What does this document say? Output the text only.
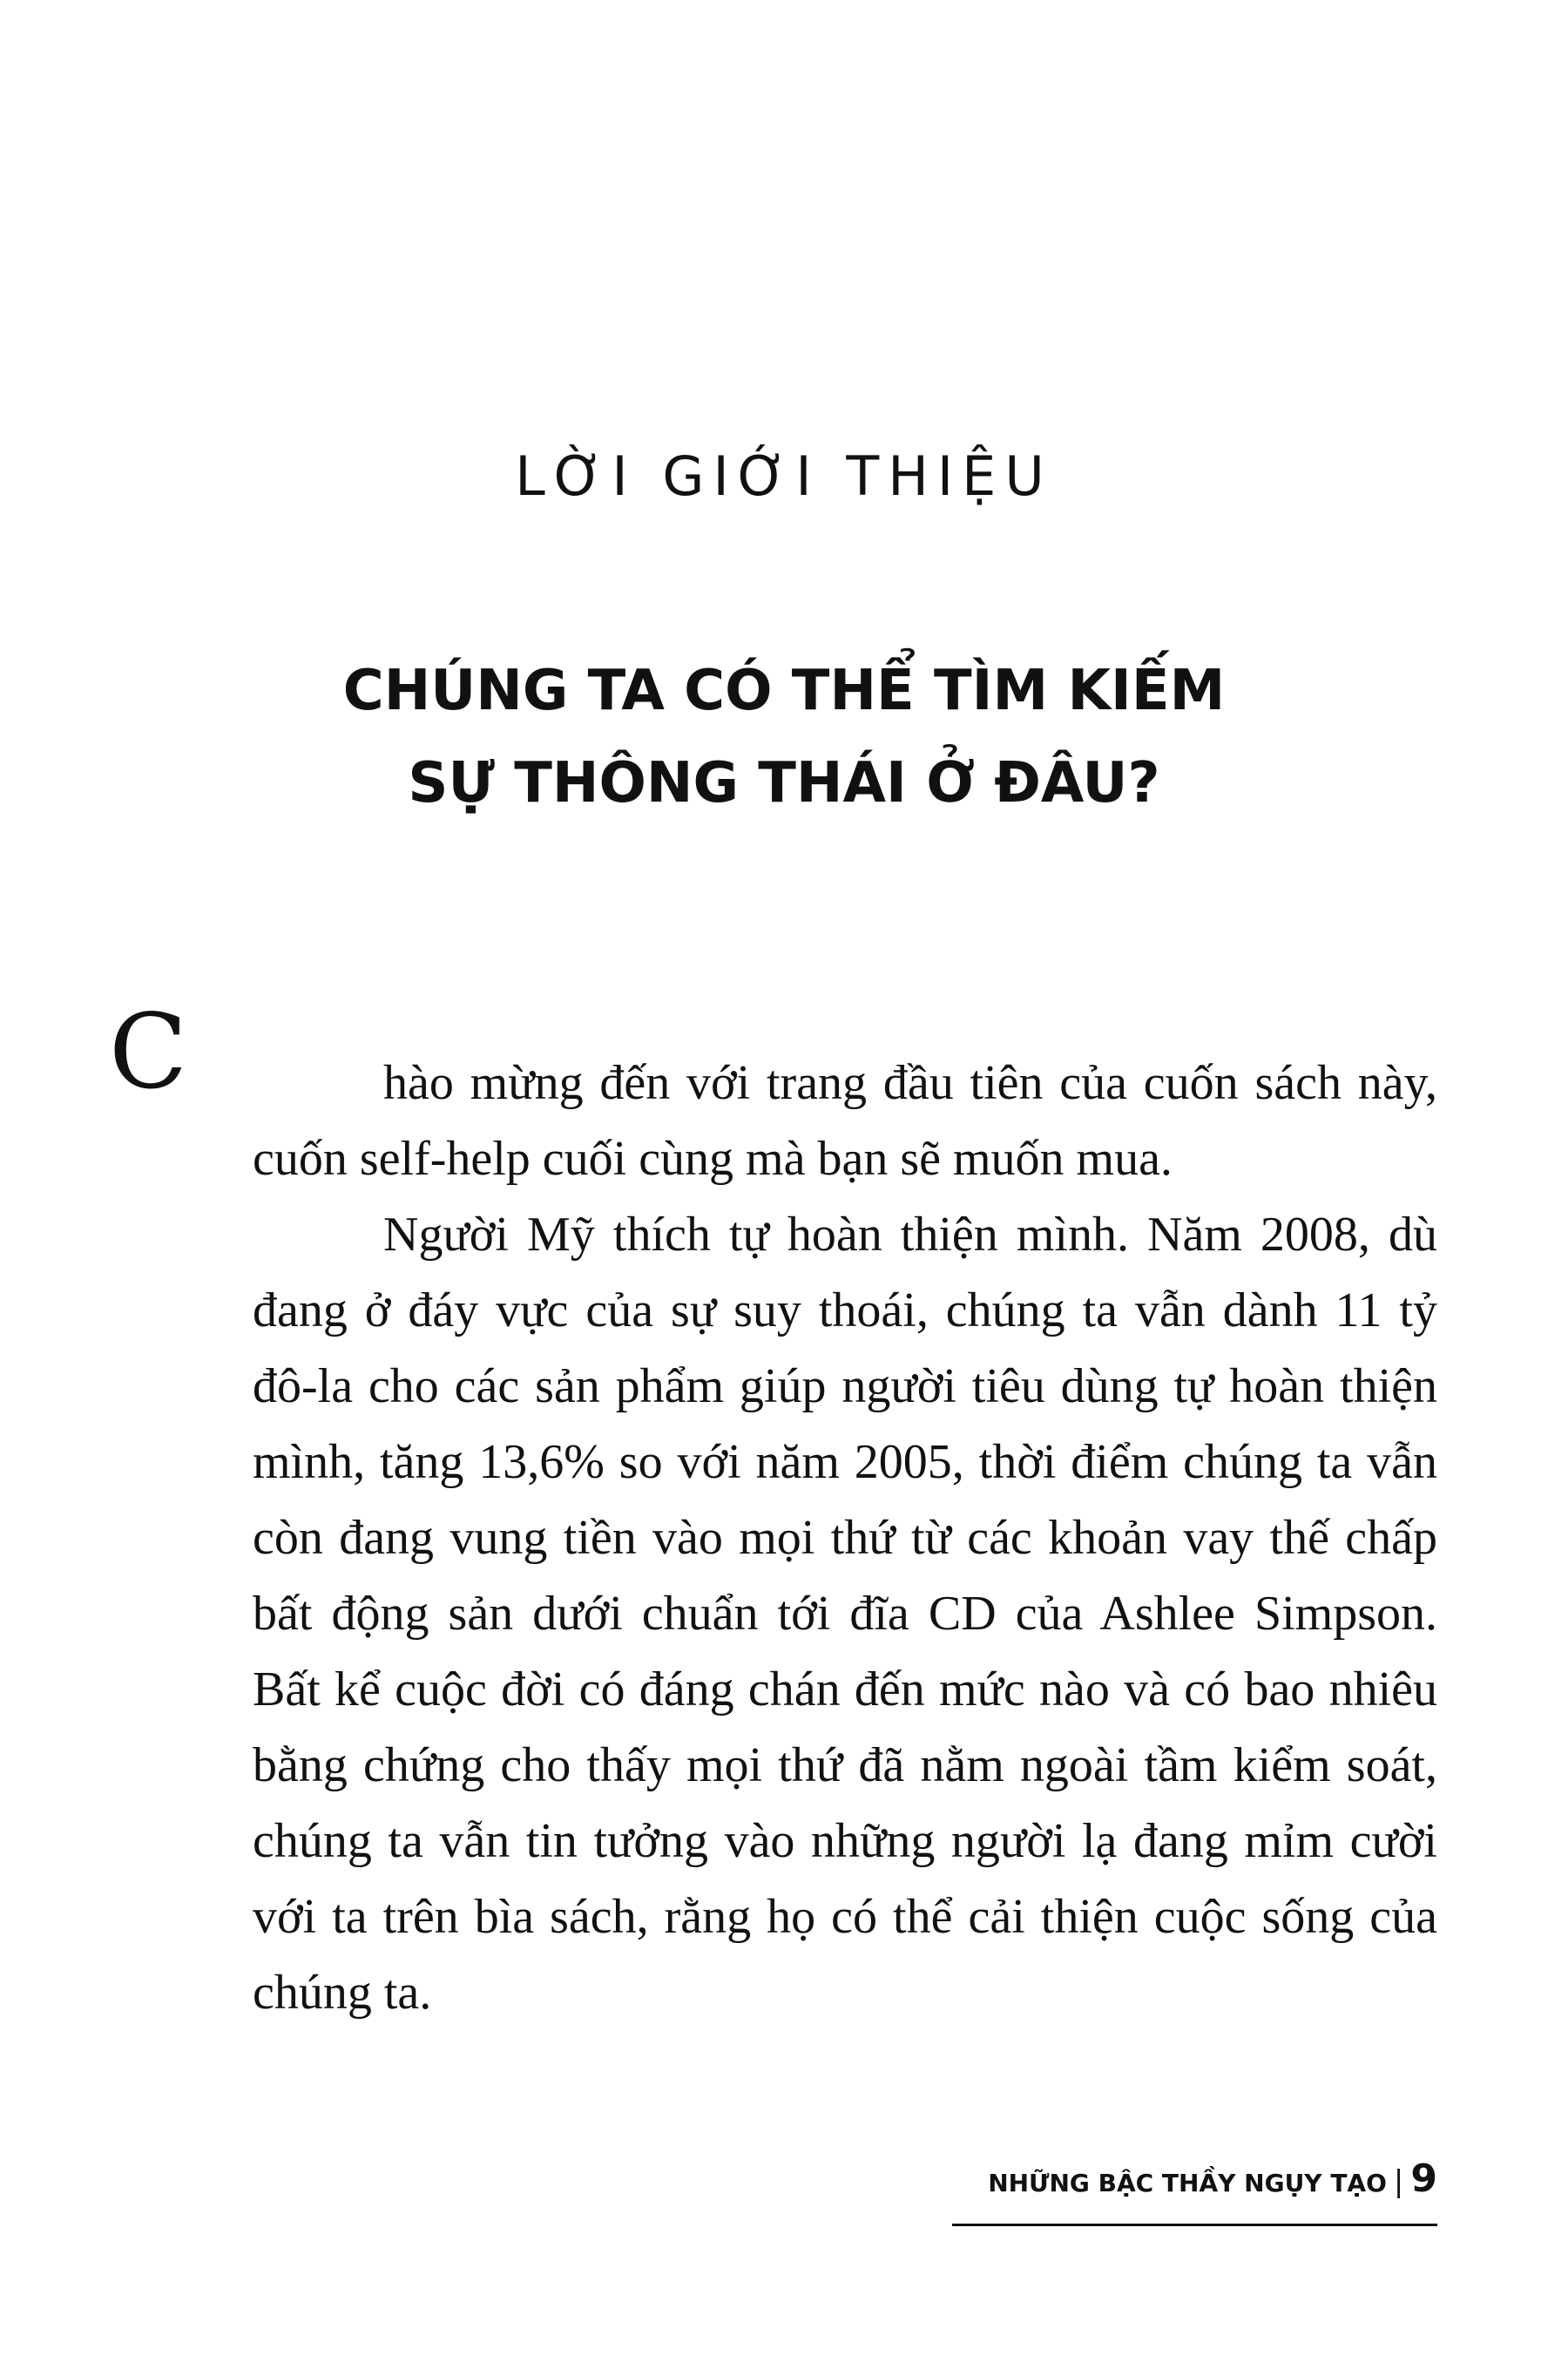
LỜI GIỚI THIỆU
CHÚNG TA CÓ THỂ TÌM KIẾM
SỰ THÔNG THÁI Ở ĐÂU?
C	hào mừng đến với trang đầu tiên của cuốn sách này, cuốn self-help cuối cùng mà bạn sẽ muốn mua.

Người Mỹ thích tự hoàn thiện mình. Năm 2008, dù đang ở đáy vực của sự suy thoái, chúng ta vẫn dành 11 tỷ đô-la cho các sản phẩm giúp người tiêu dùng tự hoàn thiện mình, tăng 13,6% so với năm 2005, thời điểm chúng ta vẫn còn đang vung tiền vào mọi thứ từ các khoản vay thế chấp bất động sản dưới chuẩn tới đĩa CD của Ashlee Simpson. Bất kể cuộc đời có đáng chán đến mức nào và có bao nhiêu bằng chứng cho thấy mọi thứ đã nằm ngoài tầm kiểm soát, chúng ta vẫn tin tưởng vào những người lạ đang mỉm cười với ta trên bìa sách, rằng họ có thể cải thiện cuộc sống của chúng ta.

NHỮNG BẬC THẦY NGỤY TẠO | 9
